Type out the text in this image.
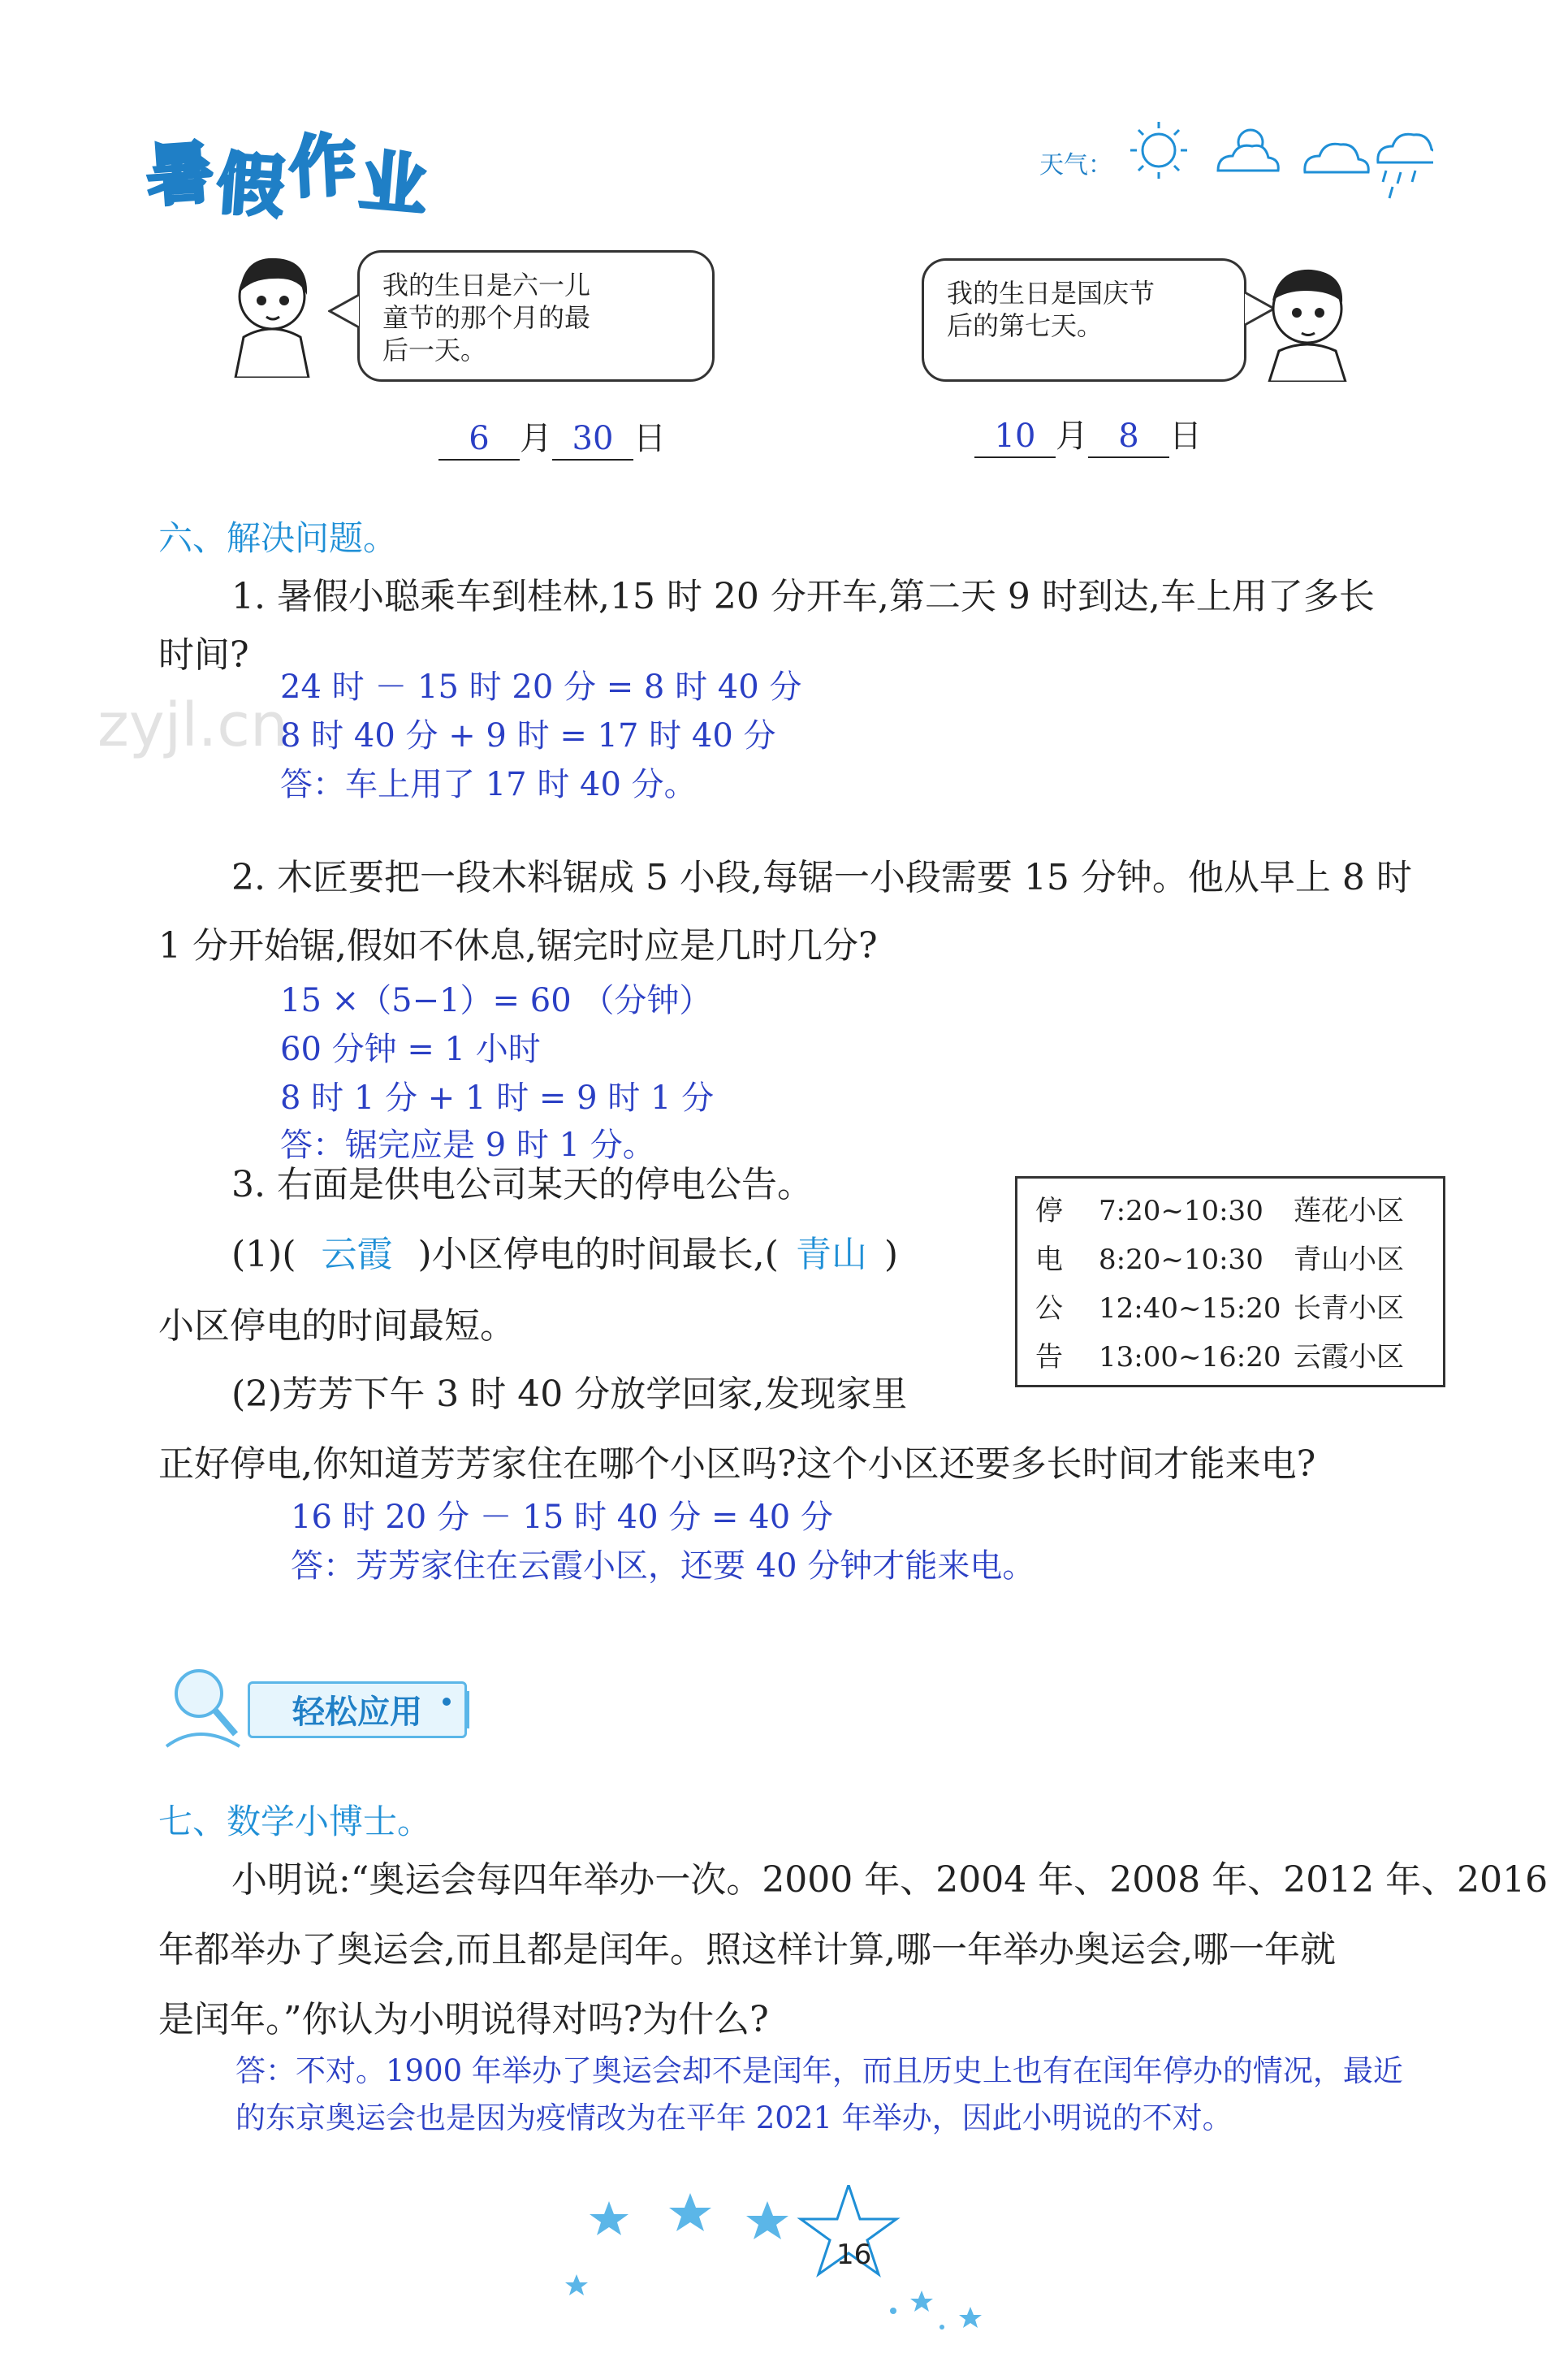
暑假作业	天气：
我的生日是六一儿
童节的那个月的最
后一天。
我的生日是国庆节
后的第七天。
6 月 30 日	10 月 8 日
zyjl.cn
六、解决问题。
1. 暑假小聪乘车到桂林,15 时 20 分开车,第二天 9 时到达,车上用了多长
时间?
24 时 － 15 时 20 分 = 8 时 40 分
8 时 40 分 + 9 时 = 17 时 40 分
答：车上用了 17 时 40 分。
2. 木匠要把一段木料锯成 5 小段,每锯一小段需要 15 分钟。他从早上 8 时
1 分开始锯,假如不休息,锯完时应是几时几分?
15 ×（5−1）= 60 （分钟）
60 分钟 = 1 小时
8 时 1 分 + 1 时 = 9 时 1 分
答：锯完应是 9 时 1 分。
3. 右面是供电公司某天的停电公告。
(1)( 云霞 )小区停电的时间最长,( 青山 )
小区停电的时间最短。
(2)芳芳下午 3 时 40 分放学回家,发现家里
正好停电,你知道芳芳家住在哪个小区吗?这个小区还要多长时间才能来电?
16 时 20 分 － 15 时 40 分 = 40 分
答：芳芳家住在云霞小区，还要 40 分钟才能来电。
停 7:20~10:30 莲花小区
电 8:20~10:30 青山小区
公 12:40~15:20 长青小区
告 13:00~16:20 云霞小区
轻松应用
七、数学小博士。
小明说:“奥运会每四年举办一次。2000 年、2004 年、2008 年、2012 年、2016
年都举办了奥运会,而且都是闰年。照这样计算,哪一年举办奥运会,哪一年就
是闰年。”你认为小明说得对吗?为什么?
答：不对。1900 年举办了奥运会却不是闰年，而且历史上也有在闰年停办的情况，最近
的东京奥运会也是因为疫情改为在平年 2021 年举办，因此小明说的不对。
16
